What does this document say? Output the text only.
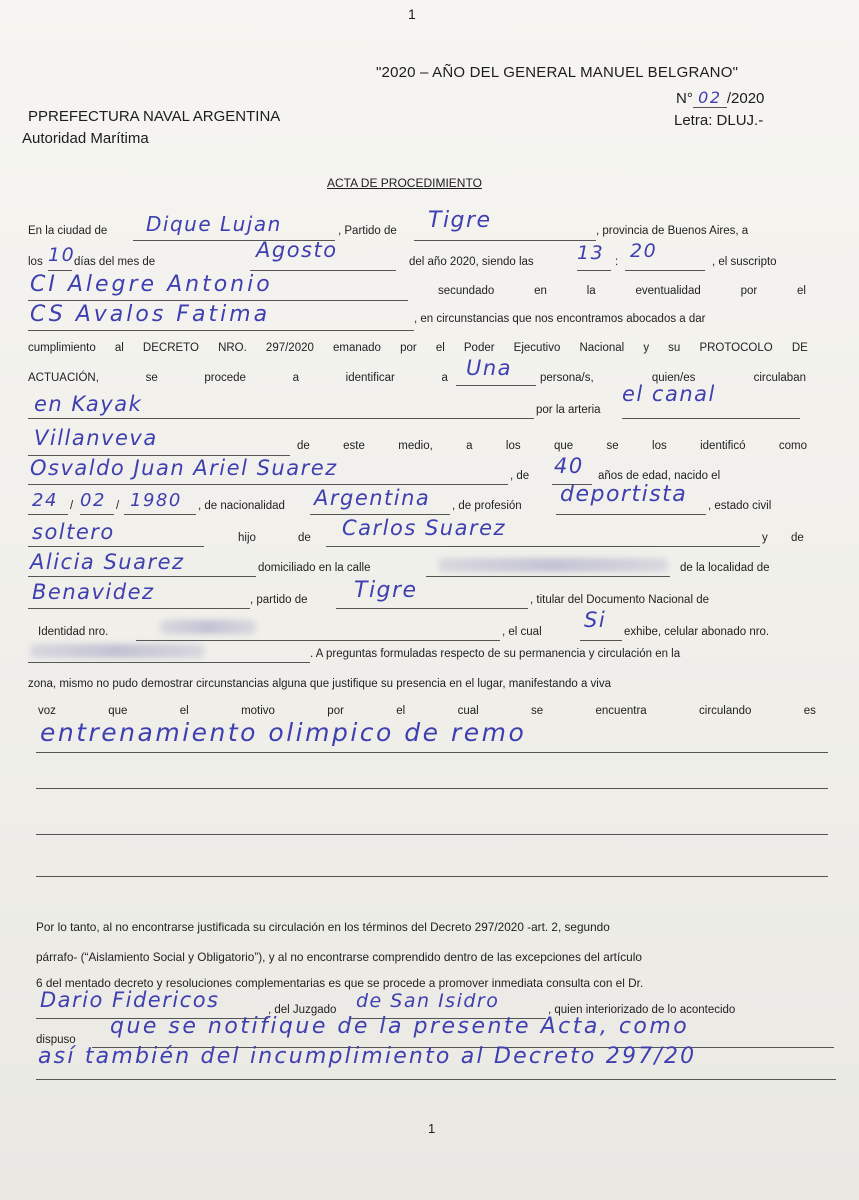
1
"2020 – AÑO DEL GENERAL MANUEL BELGRANO"
PPREFECTURA NAVAL ARGENTINA
Autoridad Marítima
N° 02 /2020
Letra: DLUJ.-
ACTA DE PROCEDIMIENTO
En la ciudad de Dique Lujan	, Partido de Tigre	, provincia de Buenos Aires, a
los 10
días del mes de	Agosto	del año 2020, siendo las 13 : 20	, el suscripto
CI Alegre Antonio	secundado	en	la	eventualidad	por	el
CS Avalos Fatima	, en circunstancias que nos encontramos abocados a dar
cumplimiento al DECRETO NRO. 297/2020 emanado por el Poder Ejecutivo Nacional y su PROTOCOLO DE
ACTUACIÓN,	se	procede	a	identificar	a Una persona/s,	quien/es	circulaban
en Kayak	por la arteria
el canal
Villanveva	de	este	medio,	a	los	que	se	los	identificó	como
Osvaldo Juan Ariel Suarez	, de 40 años de edad, nacido el
24 / 02 / 1980 , de nacionalidad Argentina , de profesión deportista , estado civil
soltero	hijo	de Carlos Suarez	y de
Alicia Suarez	domiciliado en la calle	de la localidad de
Benavidez	, partido de Tigre	, titular del Documento Nacional de
Identidad nro.	, el cual Si exhibe, celular abonado nro.
. A preguntas formuladas respecto de su permanencia y circulación en la
zona, mismo no pudo demostrar circunstancias alguna que justifique su presencia en el lugar, manifestando a viva
voz	que	el	motivo	por	el	cual	se	encuentra	circulando	es
entrenamiento olimpico de remo
Por lo tanto, al no encontrarse justificada su circulación en los términos del Decreto 297/2020 -art. 2, segundo
párrafo- (“Aislamiento Social y Obligatorio”), y al no encontrarse comprendido dentro de las excepciones del artículo
6 del mentado decreto y resoluciones complementarias es que se procede a promover inmediata consulta con el Dr.
Dario Fidericos	, del Juzgado de San Isidro	, quien interiorizado de lo acontecido
dispuso
que se notifique de la presente Acta, como
así también del incumplimiento al Decreto 297/20
1
